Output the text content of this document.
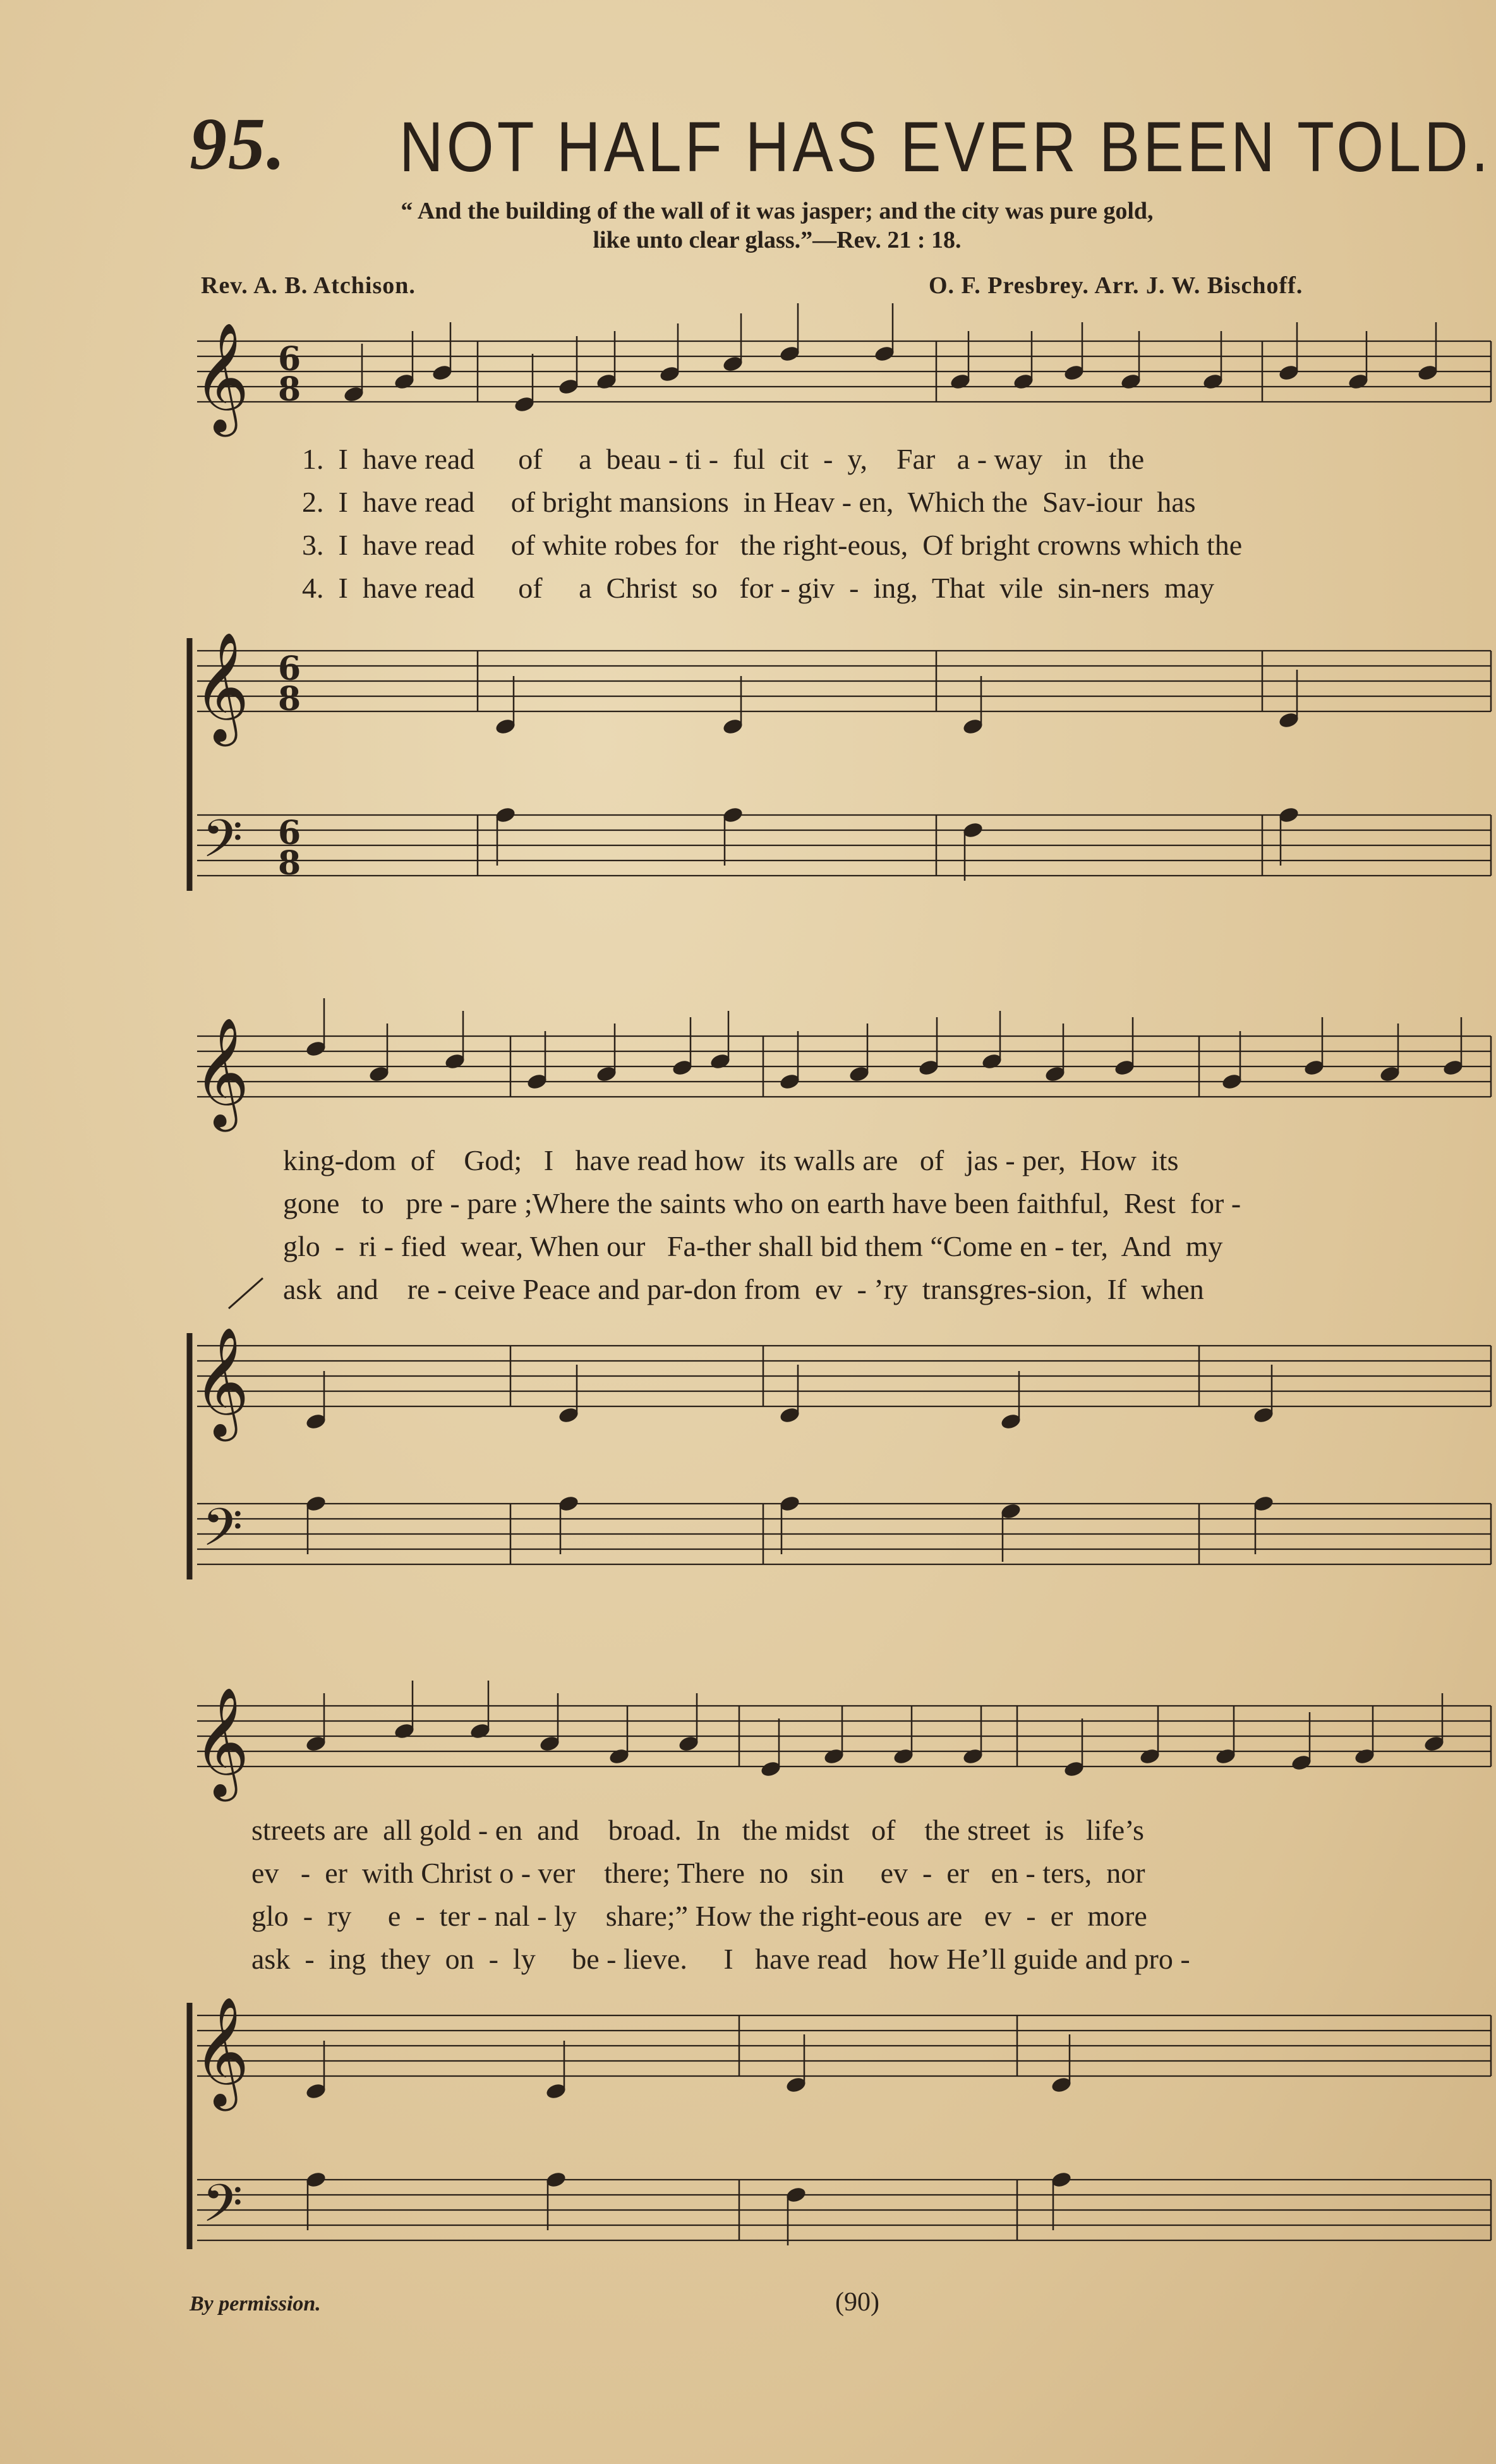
95. NOT HALF HAS EVER BEEN TOLD.
“ And the building of the wall of it was jasper; and the city was pure gold,
like unto clear glass.”—Rev. 21 : 18.
Rev. A. B. Atchison.	O. F. Presbrey. Arr. J. W. Bischoff.
𝄞 6
8
𝄞 6
8
𝄢 6
8
𝄞
𝄞
𝄢
𝄞
𝄞
𝄢
1.  I  have read      of     a  beau - ti -  ful  cit  -  y,    Far   a - way   in   the
2.  I  have read     of bright mansions  in Heav - en,  Which the  Sav-iour  has
3.  I  have read     of white robes for   the right-eous,  Of bright crowns which the
4.  I  have read      of     a  Christ  so   for - giv  -  ing,  That  vile  sin-ners  may
king-dom  of    God;   I   have read how  its walls are   of   jas - per,  How  its
gone   to   pre - pare ;Where the saints who on earth have been faithful,  Rest  for -
glo  -  ri - fied  wear, When our   Fa-ther shall bid them “Come en - ter,  And  my
ask  and    re - ceive Peace and par-don from  ev  - ’ry  transgres-sion,  If  when
streets are  all gold - en  and    broad.  In   the midst   of    the street  is   life’s
ev   -  er  with Christ o - ver    there; There  no   sin     ev  -  er   en - ters,  nor
glo  -  ry     e  -  ter - nal - ly    share;” How the right-eous are   ev  -  er  more
ask  -  ing  they  on  -  ly     be - lieve.     I   have read   how He’ll guide and pro -
By permission.	(90)
